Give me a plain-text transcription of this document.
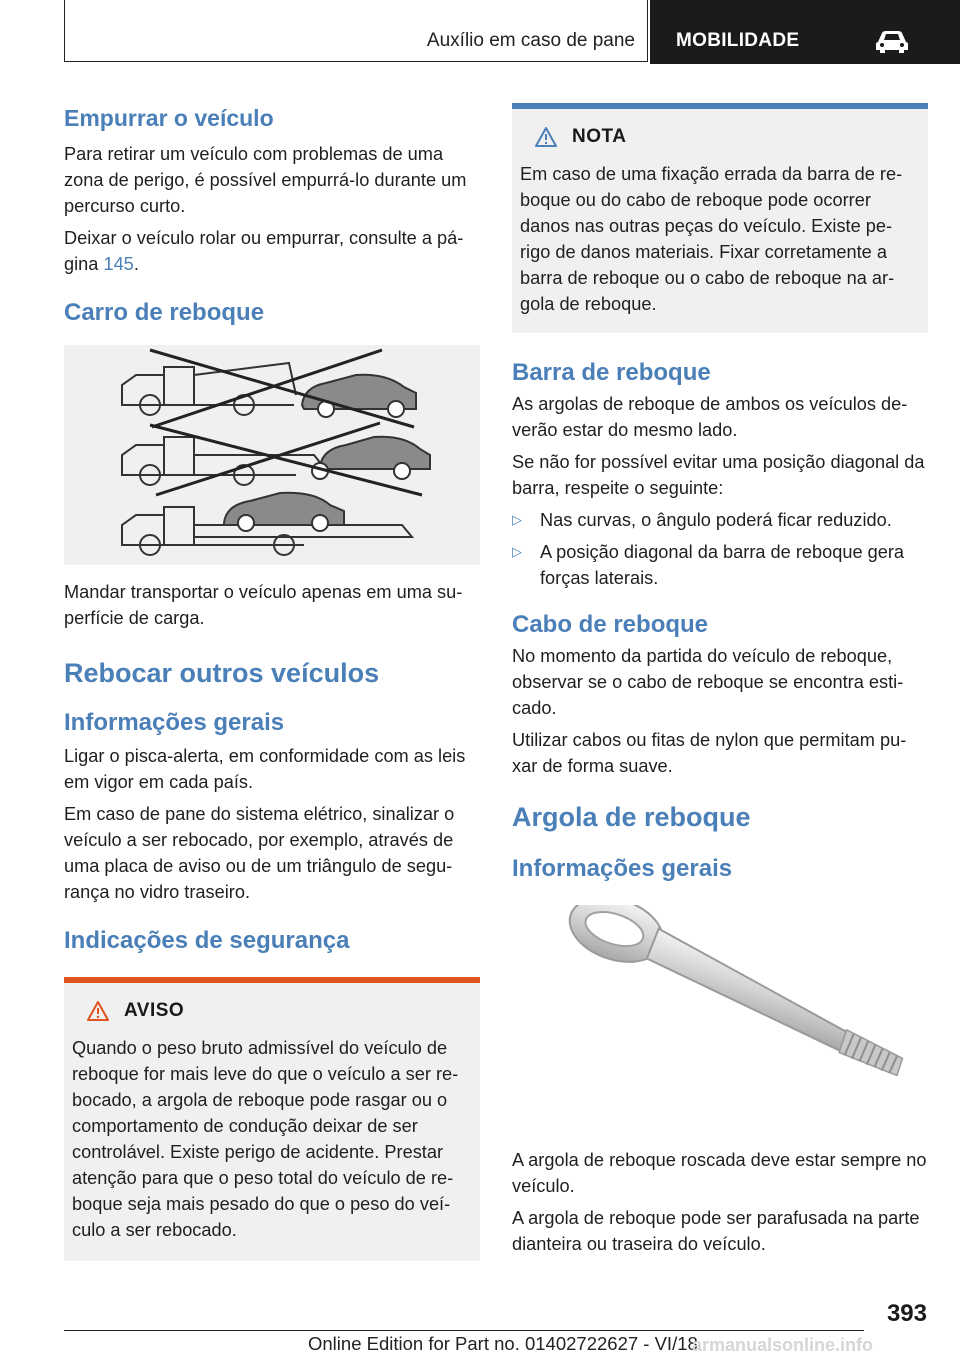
Auxílio em caso de pane MOBILIDADE
Empurrar o veículo

Para retirar um veículo com problemas de uma zona de perigo, é possível empurrá-lo durante um percurso curto.

Deixar o veículo rolar ou empurrar, consulte a pá-gina 145.

Carro de reboque

Mandar transportar o veículo apenas em uma su-perfície de carga.

Rebocar outros veículos
Informações gerais

Ligar o pisca-alerta, em conformidade com as leis em vigor em cada país.

Em caso de pane do sistema elétrico, sinalizar o veículo a ser rebocado, por exemplo, através de uma placa de aviso ou de um triângulo de segu-rança no vidro traseiro.

Indicações de segurança
AVISO

Quando o peso bruto admissível do veículo de reboque for mais leve do que o veículo a ser re-bocado, a argola de reboque pode rasgar ou o comportamento de condução deixar de ser controlável. Existe perigo de acidente. Prestar atenção para que o peso total do veículo de re-boque seja mais pesado do que o peso do veí-culo a ser rebocado.

NOTA

Em caso de uma fixação errada da barra de re-boque ou do cabo de reboque pode ocorrer danos nas outras peças do veículo. Existe pe-rigo de danos materiais. Fixar corretamente a barra de reboque ou o cabo de reboque na ar-gola de reboque.

Barra de reboque

As argolas de reboque de ambos os veículos de-verão estar do mesmo lado.

Se não for possível evitar uma posição diagonal da barra, respeite o seguinte:

▷ Nas curvas, o ângulo poderá ficar reduzido.

▷ A posição diagonal da barra de reboque gera forças laterais.

Cabo de reboque

No momento da partida do veículo de reboque, observar se o cabo de reboque se encontra esti-cado.

Utilizar cabos ou fitas de nylon que permitam pu-xar de forma suave.

Argola de reboque
Informações gerais

A argola de reboque roscada deve estar sempre no veículo.

A argola de reboque pode ser parafusada na parte dianteira ou traseira do veículo.

393
Online Edition for Part no. 01402722627 - VI/18
armanualsonline.info
